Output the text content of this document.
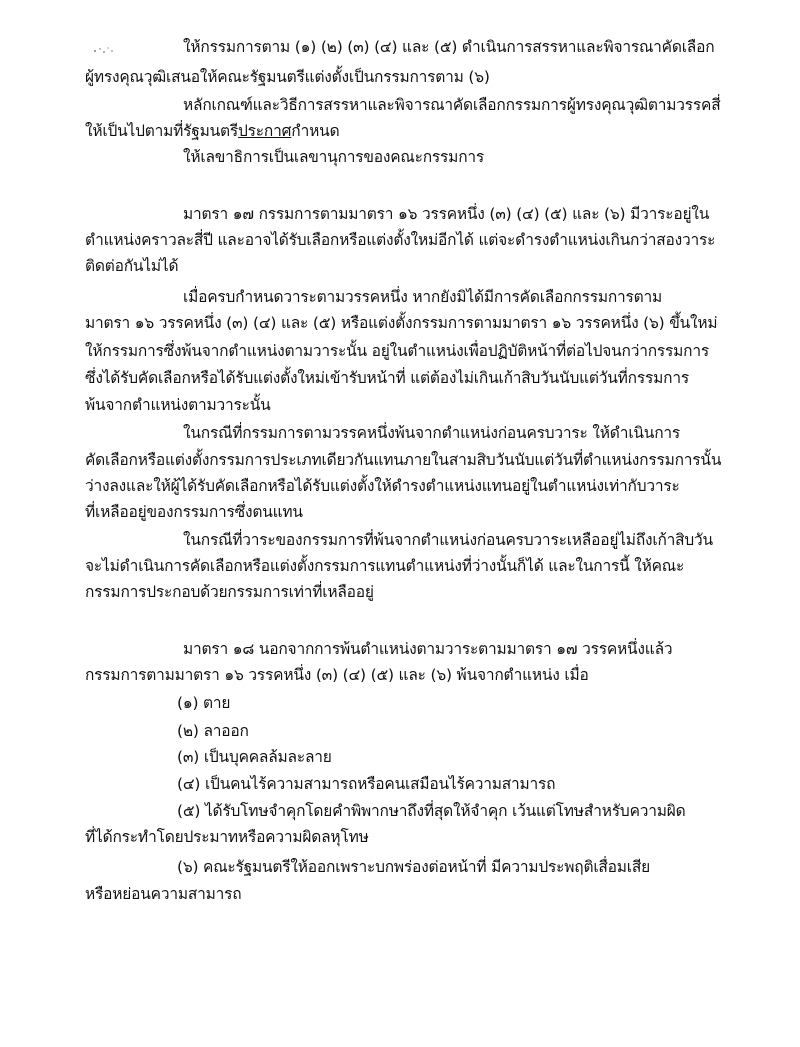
ให้กรรมการตาม (๑) (๒) (๓) (๔) และ (๕) ดำเนินการสรรหาและพิจารณาคัดเลือก
ผู้ทรงคุณวุฒิเสนอให้คณะรัฐมนตรีแต่งตั้งเป็นกรรมการตาม (๖)
หลักเกณฑ์และวิธีการสรรหาและพิจารณาคัดเลือกกรรมการผู้ทรงคุณวุฒิตามวรรคสี่
ให้เป็นไปตามที่รัฐมนตรีประกาศกำหนด
ให้เลขาธิการเป็นเลขานุการของคณะกรรมการ
มาตรา ๑๗ กรรมการตามมาตรา ๑๖ วรรคหนึ่ง (๓) (๔) (๕) และ (๖) มีวาระอยู่ใน
ตำแหน่งคราวละสี่ปี และอาจได้รับเลือกหรือแต่งตั้งใหม่อีกได้ แต่จะดำรงตำแหน่งเกินกว่าสองวาระ
ติดต่อกันไม่ได้
เมื่อครบกำหนดวาระตามวรรคหนึ่ง หากยังมิได้มีการคัดเลือกกรรมการตาม
มาตรา ๑๖ วรรคหนึ่ง (๓) (๔) และ (๕) หรือแต่งตั้งกรรมการตามมาตรา ๑๖ วรรคหนึ่ง (๖) ขึ้นใหม่
ให้กรรมการซึ่งพ้นจากตำแหน่งตามวาระนั้น อยู่ในตำแหน่งเพื่อปฏิบัติหน้าที่ต่อไปจนกว่ากรรมการ
ซึ่งได้รับคัดเลือกหรือได้รับแต่งตั้งใหม่เข้ารับหน้าที่ แต่ต้องไม่เกินเก้าสิบวันนับแต่วันที่กรรมการ
พ้นจากตำแหน่งตามวาระนั้น
ในกรณีที่กรรมการตามวรรคหนึ่งพ้นจากตำแหน่งก่อนครบวาระ ให้ดำเนินการ
คัดเลือกหรือแต่งตั้งกรรมการประเภทเดียวกันแทนภายในสามสิบวันนับแต่วันที่ตำแหน่งกรรมการนั้น
ว่างลงและให้ผู้ได้รับคัดเลือกหรือได้รับแต่งตั้งให้ดำรงตำแหน่งแทนอยู่ในตำแหน่งเท่ากับวาระ
ที่เหลืออยู่ของกรรมการซึ่งตนแทน
ในกรณีที่วาระของกรรมการที่พ้นจากตำแหน่งก่อนครบวาระเหลืออยู่ไม่ถึงเก้าสิบวัน
จะไม่ดำเนินการคัดเลือกหรือแต่งตั้งกรรมการแทนตำแหน่งที่ว่างนั้นก็ได้ และในการนี้ ให้คณะ
กรรมการประกอบด้วยกรรมการเท่าที่เหลืออยู่
มาตรา ๑๘ นอกจากการพ้นตำแหน่งตามวาระตามมาตรา ๑๗ วรรคหนึ่งแล้ว
กรรมการตามมาตรา ๑๖ วรรคหนึ่ง (๓) (๔) (๕) และ (๖) พ้นจากตำแหน่ง เมื่อ
(๑) ตาย
(๒) ลาออก
(๓) เป็นบุคคลล้มละลาย
(๔) เป็นคนไร้ความสามารถหรือคนเสมือนไร้ความสามารถ
(๕) ได้รับโทษจำคุกโดยคำพิพากษาถึงที่สุดให้จำคุก เว้นแต่โทษสำหรับความผิด
ที่ได้กระทำโดยประมาทหรือความผิดลหุโทษ
(๖) คณะรัฐมนตรีให้ออกเพราะบกพร่องต่อหน้าที่ มีความประพฤติเสื่อมเสีย
หรือหย่อนความสามารถ
